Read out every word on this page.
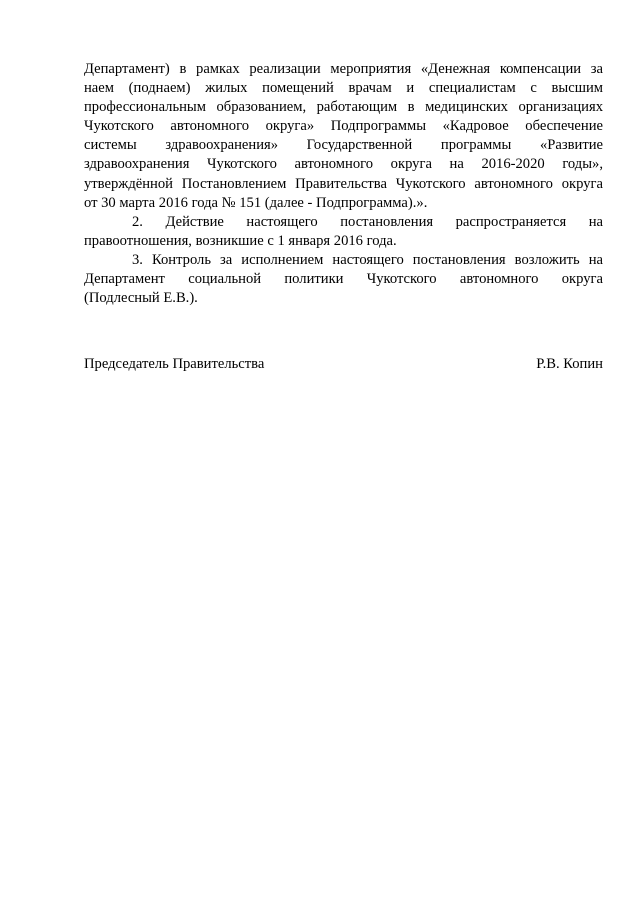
Департамент) в рамках реализации мероприятия «Денежная компенсации за
наем (поднаем) жилых помещений врачам и специалистам с высшим
профессиональным образованием, работающим в медицинских организациях
Чукотского автономного округа» Подпрограммы «Кадровое обеспечение
системы здравоохранения» Государственной программы «Развитие
здравоохранения Чукотского автономного округа на 2016-2020 годы»,
утверждённой Постановлением Правительства Чукотского автономного округа
от 30 марта 2016 года № 151 (далее - Подпрограмма).».
2. Действие настоящего постановления распространяется на
правоотношения, возникшие с 1 января 2016 года.
3. Контроль за исполнением настоящего постановления возложить на
Департамент социальной политики Чукотского автономного округа
(Подлесный Е.В.).
Председатель Правительства	Р.В. Копин
